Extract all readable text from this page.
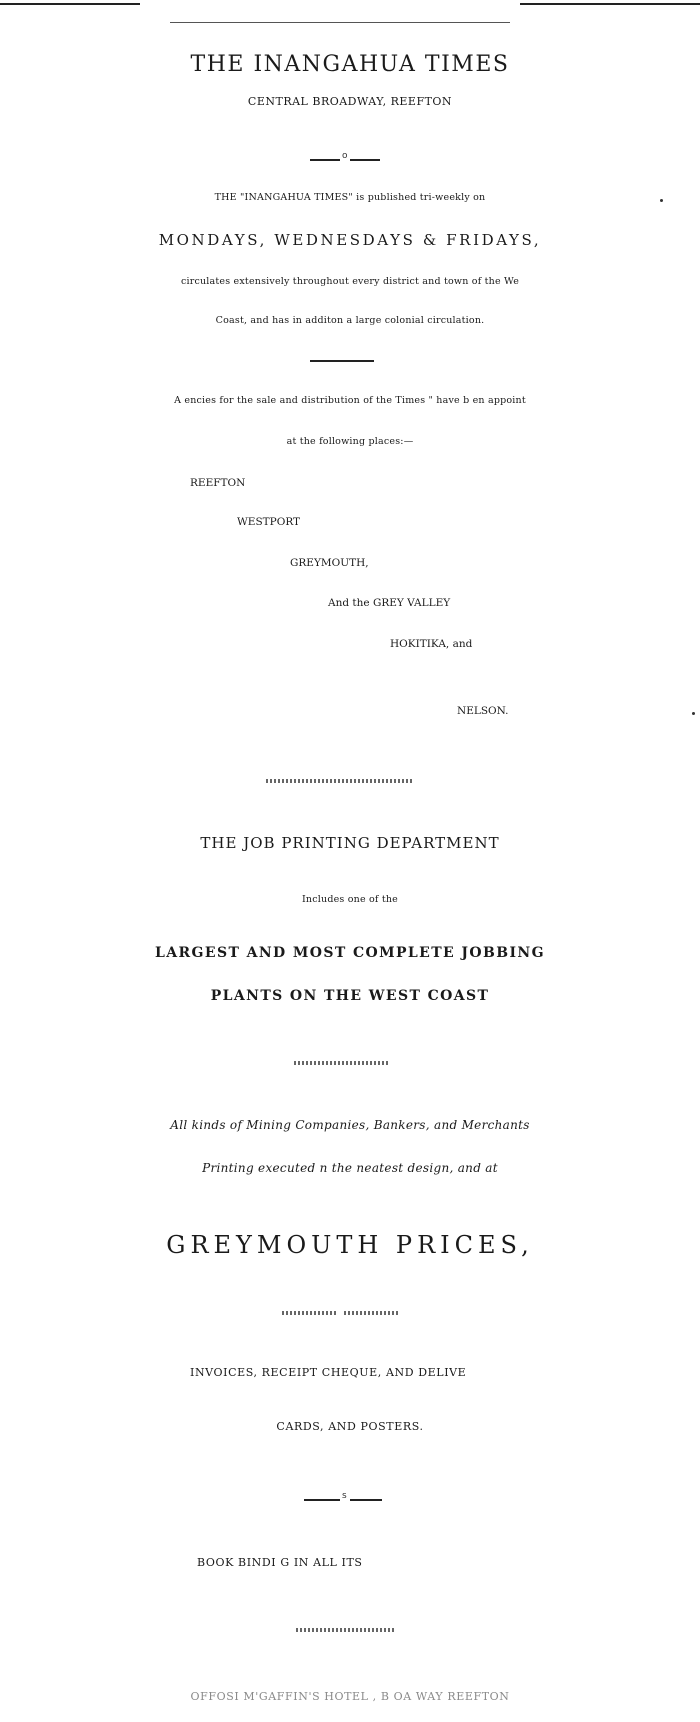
THE INANGAHUA TIMES
CENTRAL BROADWAY, REEFTON
o
THE "INANGAHUA TIMES" is published tri-weekly on
MONDAYS, WEDNESDAYS & FRIDAYS,
circulates extensively throughout every district and town of the We
Coast, and has in additon a large colonial circulation.
A encies for the sale and distribution of the Times " have b en appoint
at the following places:—
REEFTON
WESTPORT
GREYMOUTH,
And the GREY VALLEY
HOKITIKA, and
NELSON.
THE JOB PRINTING DEPARTMENT
Includes one of the
LARGEST AND MOST COMPLETE JOBBING
PLANTS ON THE WEST COAST
All kinds of Mining Companies, Bankers, and Merchants
Printing executed n the neatest design, and at
GREYMOUTH PRICES,
INVOICES, RECEIPT CHEQUE, AND DELIVE
CARDS, AND POSTERS.
s
BOOK BINDI G IN ALL ITS
OFFOSI M'GAFFIN'S HOTEL , B OA WAY REEFTON
